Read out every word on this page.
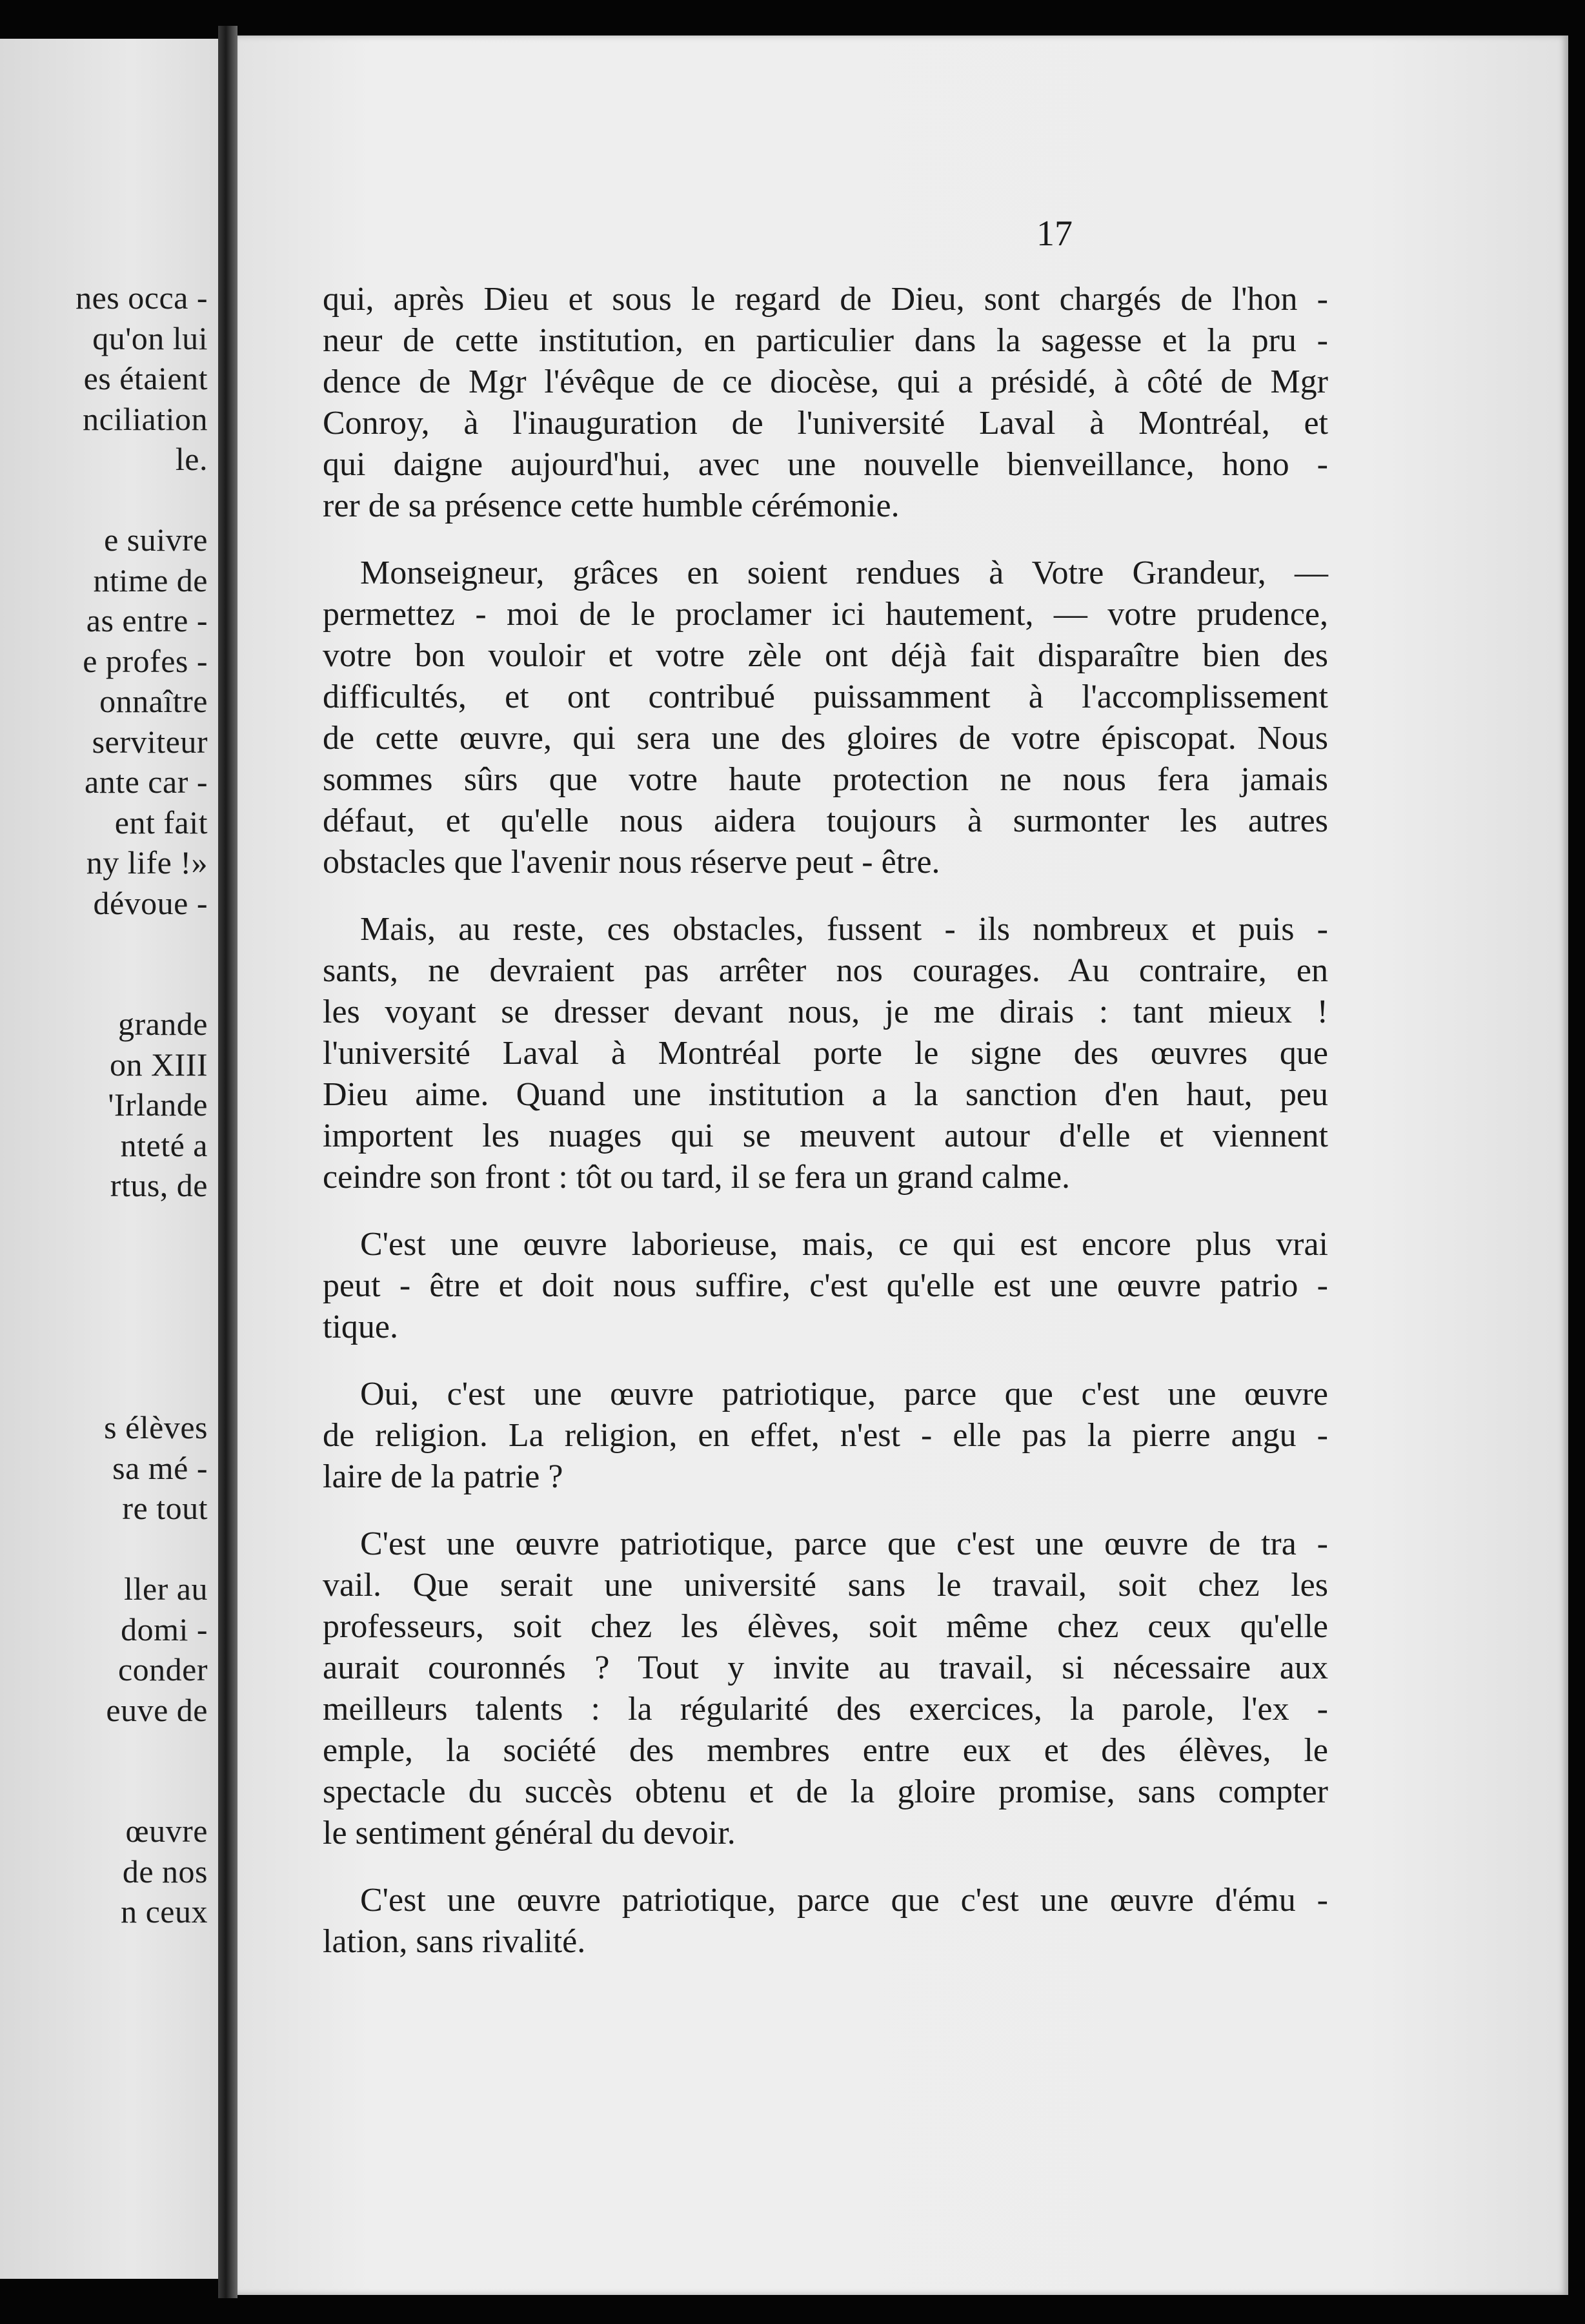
nes occa -
qu'on lui
es étaient
nciliation
le.
e suivre
ntime de
as entre -
e profes -
onnaître
serviteur
ante car -
ent fait
ny life !»
dévoue -
grande
on XIII
'Irlande
nteté a
rtus, de
s élèves
sa mé -
re tout
ller au
domi -
conder
euve de
œuvre
de nos
n ceux
17
qui, après Dieu et sous le regard de Dieu, sont chargés de l'hon -
neur de cette institution, en particulier dans la sagesse et la pru -
dence de Mgr l'évêque de ce diocèse, qui a présidé, à côté de Mgr
Conroy, à l'inauguration de l'université Laval à Montréal, et
qui daigne aujourd'hui, avec une nouvelle bienveillance, hono -
rer de sa présence cette humble cérémonie.
Monseigneur, grâces en soient rendues à Votre Grandeur, —
permettez - moi de le proclamer ici hautement, — votre prudence,
votre bon vouloir et votre zèle ont déjà fait disparaître bien des
difficultés, et ont contribué puissamment à l'accomplissement
de cette œuvre, qui sera une des gloires de votre épiscopat. Nous
sommes sûrs que votre haute protection ne nous fera jamais
défaut, et qu'elle nous aidera toujours à surmonter les autres
obstacles que l'avenir nous réserve peut - être.
Mais, au reste, ces obstacles, fussent - ils nombreux et puis -
sants, ne devraient pas arrêter nos courages. Au contraire, en
les voyant se dresser devant nous, je me dirais : tant mieux !
l'université Laval à Montréal porte le signe des œuvres que
Dieu aime. Quand une institution a la sanction d'en haut, peu
importent les nuages qui se meuvent autour d'elle et viennent
ceindre son front : tôt ou tard, il se fera un grand calme.
C'est une œuvre laborieuse, mais, ce qui est encore plus vrai
peut - être et doit nous suffire, c'est qu'elle est une œuvre patrio -
tique.
Oui, c'est une œuvre patriotique, parce que c'est une œuvre
de religion. La religion, en effet, n'est - elle pas la pierre angu -
laire de la patrie ?
C'est une œuvre patriotique, parce que c'est une œuvre de tra -
vail. Que serait une université sans le travail, soit chez les
professeurs, soit chez les élèves, soit même chez ceux qu'elle
aurait couronnés ? Tout y invite au travail, si nécessaire aux
meilleurs talents : la régularité des exercices, la parole, l'ex -
emple, la société des membres entre eux et des élèves, le
spectacle du succès obtenu et de la gloire promise, sans compter
le sentiment général du devoir.
C'est une œuvre patriotique, parce que c'est une œuvre d'ému -
lation, sans rivalité.
